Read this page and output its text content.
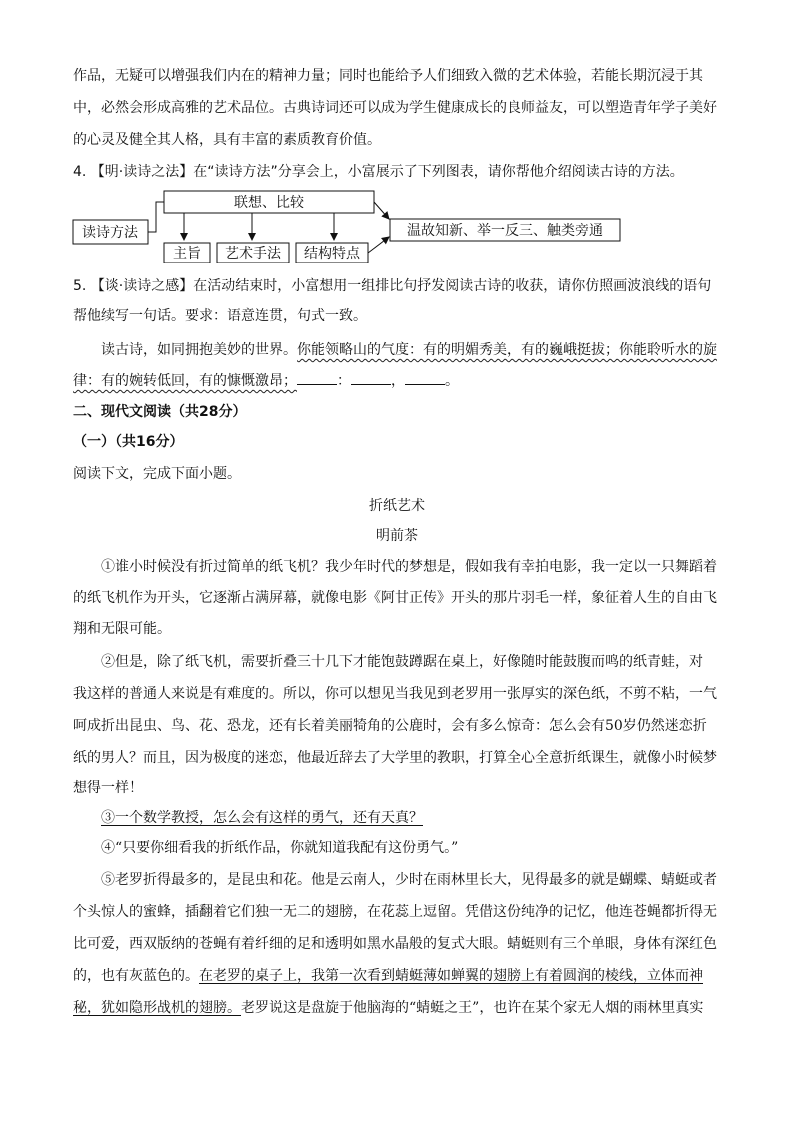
作品，无疑可以增强我们内在的精神力量；同时也能给予人们细致入微的艺术体验，若能长期沉浸于其
中，必然会形成高雅的艺术品位。古典诗词还可以成为学生健康成长的良师益友，可以塑造青年学子美好
的心灵及健全其人格，具有丰富的素质教育价值。
4. 【明·读诗之法】在“读诗方法”分享会上，小富展示了下列图表，请你帮他介绍阅读古诗的方法。
读诗方法
联想、比较
主旨 艺术手法 结构特点
温故知新、举一反三、触类旁通
5. 【谈·读诗之感】在活动结束时，小富想用一组排比句抒发阅读古诗的收获，请你仿照画波浪线的语句
帮他续写一句话。要求：语意连贯，句式一致。
读古诗，如同拥抱美妙的世界。你能领略山的气度：有的明媚秀美，有的巍峨挺拔；你能聆听水的旋
律：有的婉转低回，有的慷慨激昂；	：	，	。
二、现代文阅读（共28分）
（一）（共16分）
阅读下文，完成下面小题。
折纸艺术
明前茶
①谁小时候没有折过简单的纸飞机？我少年时代的梦想是，假如我有幸拍电影，我一定以一只舞蹈着
的纸飞机作为开头，它逐渐占满屏幕，就像电影《阿甘正传》开头的那片羽毛一样，象征着人生的自由飞
翔和无限可能。
②但是，除了纸飞机，需要折叠三十几下才能饱鼓蹲踞在桌上，好像随时能鼓腹而鸣的纸青蛙，对
我这样的普通人来说是有难度的。所以，你可以想见当我见到老罗用一张厚实的深色纸，不剪不粘，一气
呵成折出昆虫、鸟、花、恐龙，还有长着美丽犄角的公鹿时，会有多么惊奇：怎么会有50岁仍然迷恋折
纸的男人？而且，因为极度的迷恋，他最近辞去了大学里的教职，打算全心全意折纸课生，就像小时候梦
想得一样！
③一个数学教授，怎么会有这样的勇气，还有天真？
④“只要你细看我的折纸作品，你就知道我配有这份勇气。”
⑤老罗折得最多的，是昆虫和花。他是云南人，少时在雨林里长大，见得最多的就是蝴蝶、蜻蜓或者
个头惊人的蜜蜂，插翻着它们独一无二的翅膀，在花蕊上逗留。凭借这份纯净的记忆，他连苍蝇都折得无
比可爱，西双版纳的苍蝇有着纤细的足和透明如黑水晶般的复式大眼。蜻蜓则有三个单眼，身体有深红色
的，也有灰蓝色的。在老罗的桌子上，我第一次看到蜻蜓薄如蝉翼的翅膀上有着圆润的棱线，立体而神
秘，犹如隐形战机的翅膀。老罗说这是盘旋于他脑海的“蜻蜓之王”，也许在某个家无人烟的雨林里真实
